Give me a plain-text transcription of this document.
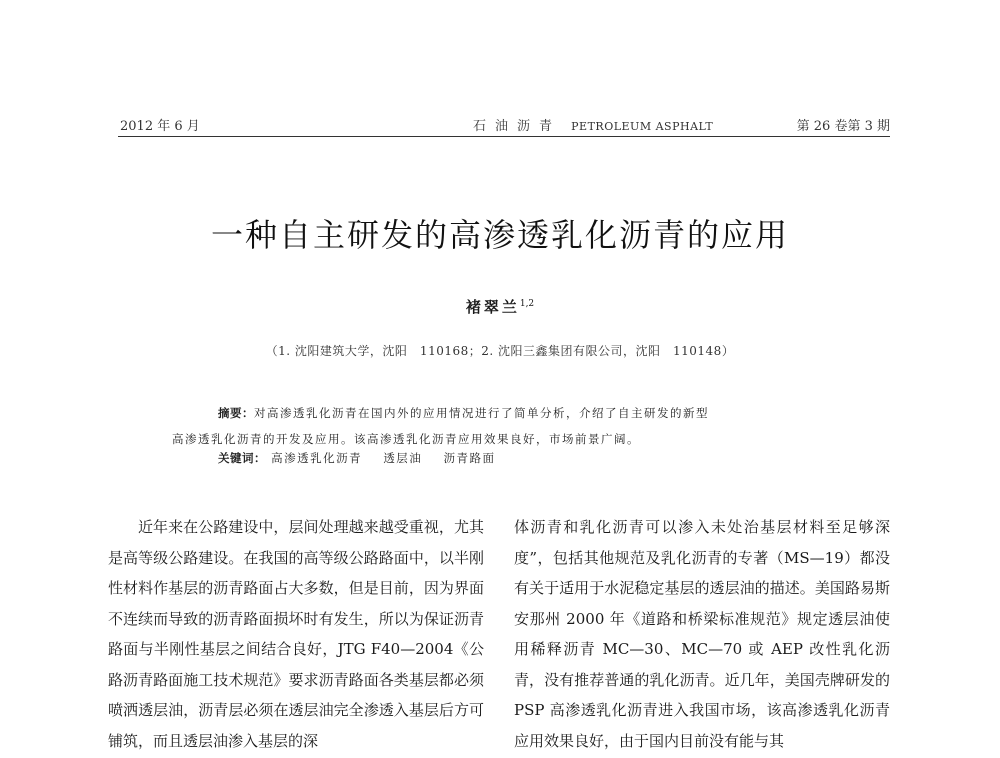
2012 年 6 月	石油沥青 PETROLEUM ASPHALT	第 26 卷第 3 期
一种自主研发的高渗透乳化沥青的应用
褚翠兰$^{1,2}$
（1. 沈阳建筑大学，沈阳　110168；2. 沈阳三鑫集团有限公司，沈阳　110148）
摘要：对高渗透乳化沥青在国内外的应用情况进行了简单分析，介绍了自主研发的新型
高渗透乳化沥青的开发及应用。该高渗透乳化沥青应用效果良好，市场前景广阔。
关键词： 高渗透乳化沥青 透层油 沥青路面

近年来在公路建设中，层间处理越来越受重视，尤其是高等级公路建设。在我国的高等级公路路面中，以半刚性材料作基层的沥青路面占大多数，但是目前，因为界面不连续而导致的沥青路面损坏时有发生，所以为保证沥青路面与半刚性基层之间结合良好，JTG F40—2004《公路沥青路面施工技术规范》要求沥青路面各类基层都必须喷洒透层油，沥青层必须在透层油完全渗透入基层后方可铺筑，而且透层油渗入基层的深

体沥青和乳化沥青可以渗入未处治基层材料至足够深度”，包括其他规范及乳化沥青的专著（MS—19）都没有关于适用于水泥稳定基层的透层油的描述。美国路易斯安那州 2000 年《道路和桥梁标准规范》规定透层油使用稀释沥青 MC—30、MC—70 或 AEP 改性乳化沥青，没有推荐普通的乳化沥青。近几年，美国壳牌研发的 PSP 高渗透乳化沥青进入我国市场，该高渗透乳化沥青应用效果良好，由于国内目前没有能与其
